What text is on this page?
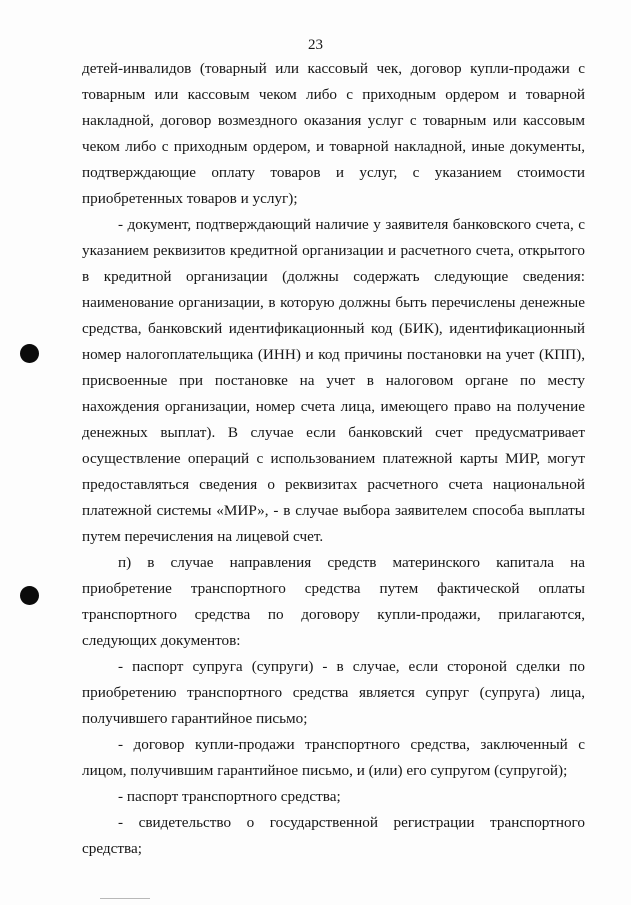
23

детей-инвалидов (товарный или кассовый чек, договор купли-продажи с товарным или кассовым чеком либо с приходным ордером и товарной накладной, договор возмездного оказания услуг с товарным или кассовым чеком либо с приходным ордером, и товарной накладной, иные документы, подтверждающие оплату товаров и услуг, с указанием стоимости приобретенных товаров и услуг);

- документ, подтверждающий наличие у заявителя банковского счета, с указанием реквизитов кредитной организации и расчетного счета, открытого в кредитной организации (должны содержать следующие сведения: наименование организации, в которую должны быть перечислены денежные средства, банковский идентификационный код (БИК), идентификационный номер налогоплательщика (ИНН) и код причины постановки на учет (КПП), присвоенные при постановке на учет в налоговом органе по месту нахождения организации, номер счета лица, имеющего право на получение денежных выплат). В случае если банковский счет предусматривает осуществление операций с использованием платежной карты МИР, могут предоставляться сведения о реквизитах расчетного счета национальной платежной системы «МИР», - в случае выбора заявителем способа выплаты путем перечисления на лицевой счет.

п) в случае направления средств материнского капитала на приобретение транспортного средства путем фактической оплаты транспортного средства по договору купли-продажи, прилагаются, следующих документов:

- паспорт супруга (супруги) - в случае, если стороной сделки по приобретению транспортного средства является супруг (супруга) лица, получившего гарантийное письмо;

- договор купли-продажи транспортного средства, заключенный с лицом, получившим гарантийное письмо, и (или) его супругом (супругой);

- паспорт транспортного средства;

- свидетельство о государственной регистрации транспортного средства;
